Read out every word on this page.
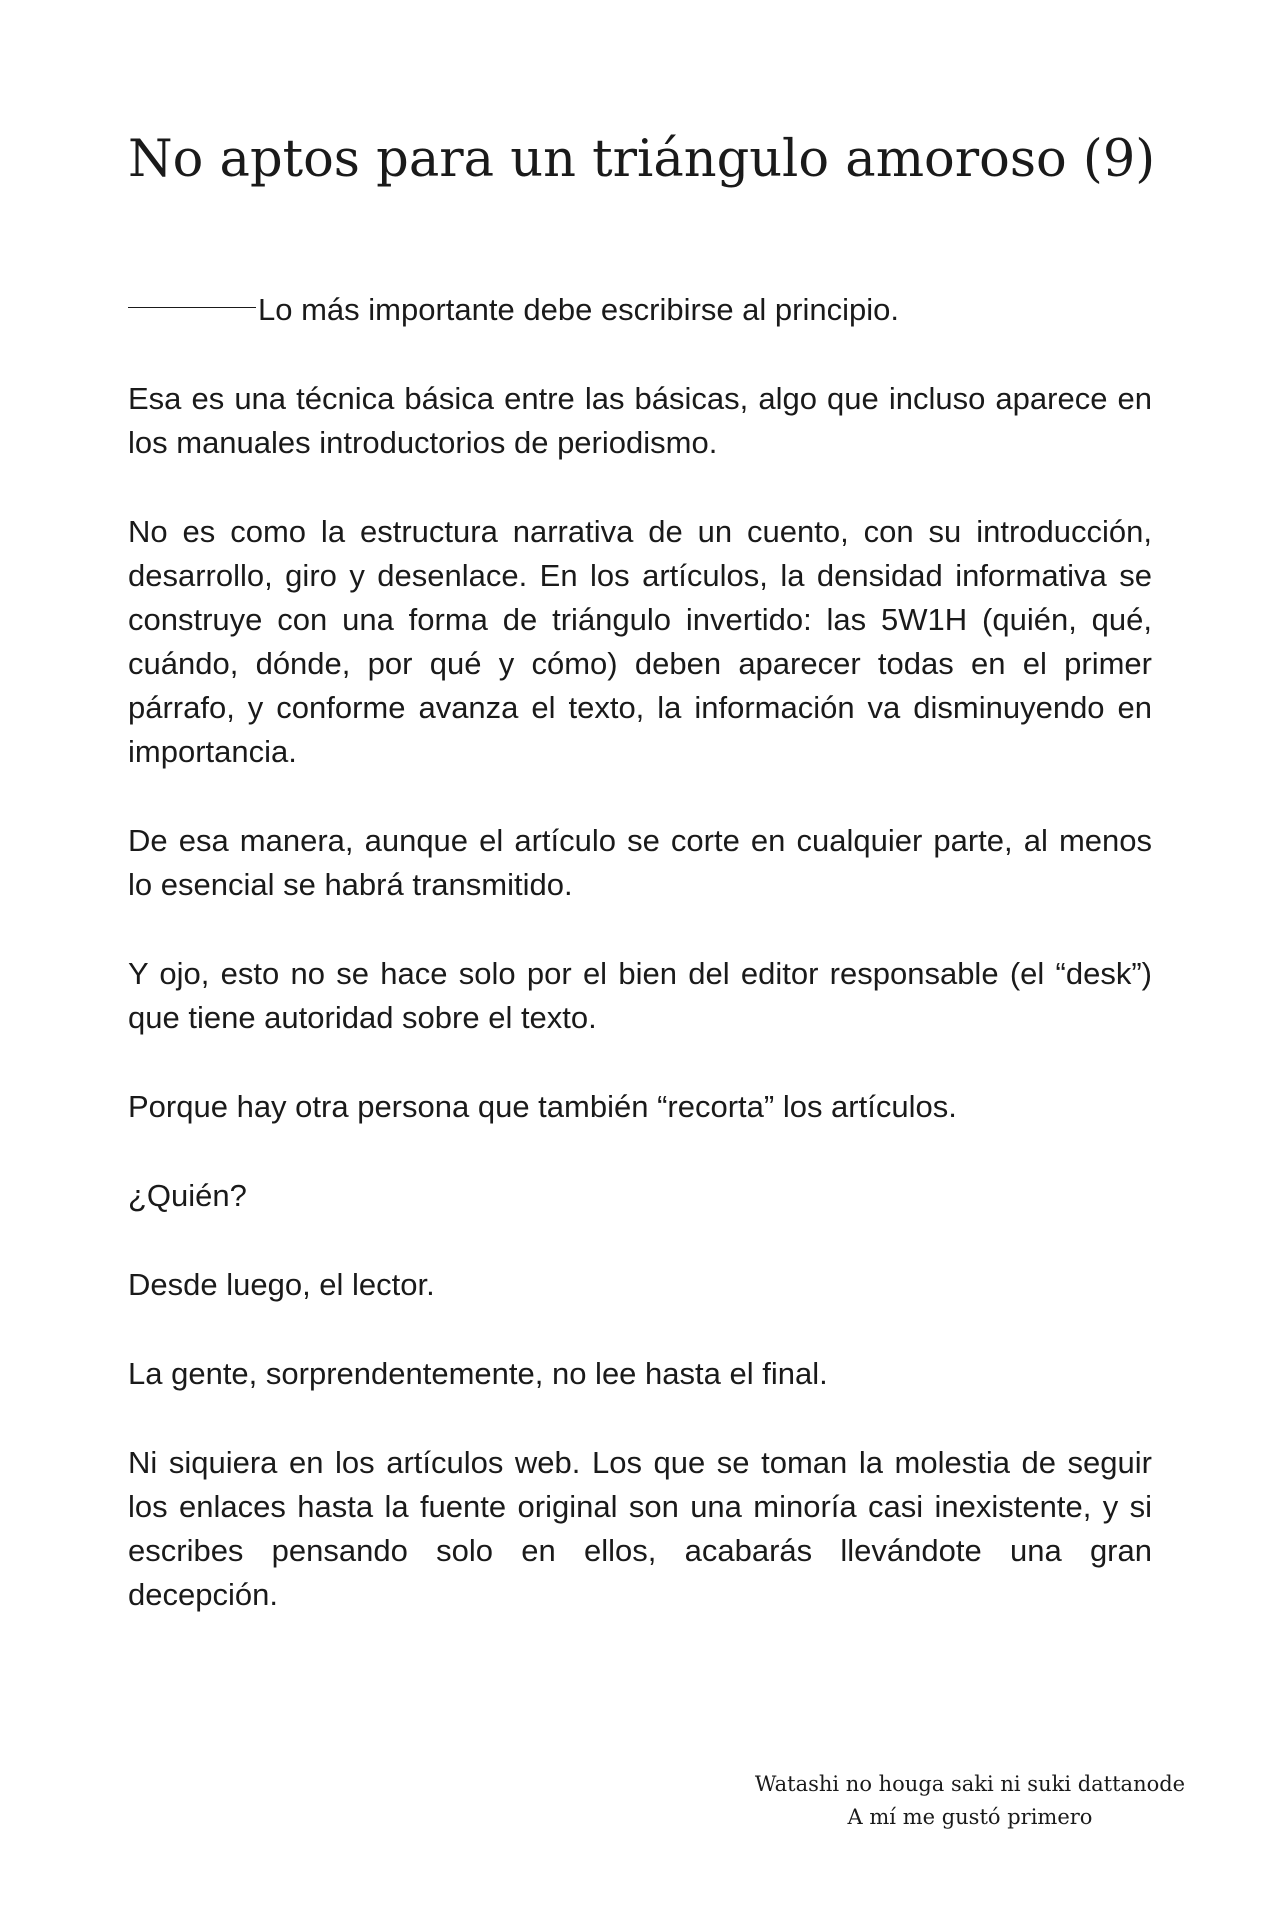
No aptos para un triángulo amoroso (9)

Lo más importante debe escribirse al principio.

Esa es una técnica básica entre las básicas, algo que incluso aparece en los manuales introductorios de periodismo.

No es como la estructura narrativa de un cuento, con su introducción, desarrollo, giro y desenlace. En los artículos, la densidad informativa se construye con una forma de triángulo invertido: las 5W1H (quién, qué, cuándo, dónde, por qué y cómo) deben aparecer todas en el primer párrafo, y conforme avanza el texto, la información va disminuyendo en importancia.

De esa manera, aunque el artículo se corte en cualquier parte, al menos lo esencial se habrá transmitido.

Y ojo, esto no se hace solo por el bien del editor responsable (el “desk”) que tiene autoridad sobre el texto.

Porque hay otra persona que también “recorta” los artículos.

¿Quién?

Desde luego, el lector.

La gente, sorprendentemente, no lee hasta el final.

Ni siquiera en los artículos web. Los que se toman la molestia de seguir los enlaces hasta la fuente original son una minoría casi inexistente, y si escribes pensando solo en ellos, acabarás llevándote una gran decepción.

Watashi no houga saki ni suki dattanode
A mí me gustó primero
